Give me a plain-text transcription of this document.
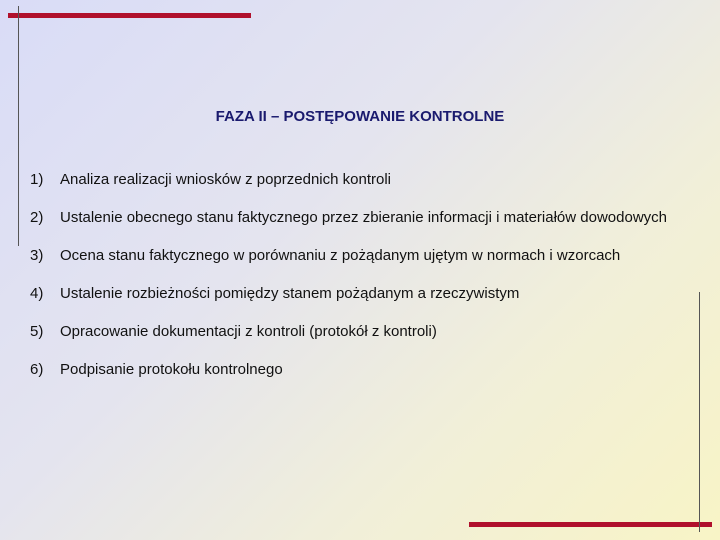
FAZA II – POSTĘPOWANIE KONTROLNE
1) Analiza realizacji wniosków z poprzednich kontroli
2) Ustalenie obecnego stanu faktycznego przez zbieranie informacji i materiałów dowodowych
3) Ocena stanu faktycznego w porównaniu z pożądanym ujętym w normach i wzorcach
4) Ustalenie rozbieżności pomiędzy stanem pożądanym a rzeczywistym
5) Opracowanie dokumentacji z kontroli (protokół z kontroli)
6) Podpisanie protokołu kontrolnego
